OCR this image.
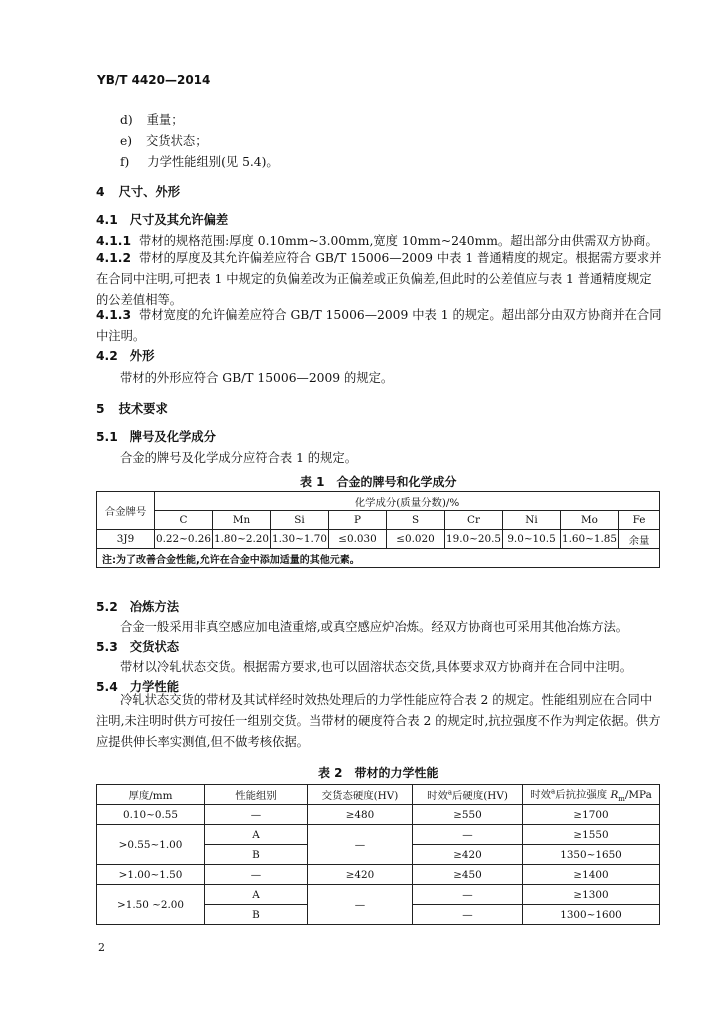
YB/T 4420—2014
d) 重量；
e) 交货状态；
f) 力学性能组别(见 5.4)。
4 尺寸、外形
4.1 尺寸及其允许偏差
4.1.1 带材的规格范围:厚度 0.10mm~3.00mm,宽度 10mm~240mm。超出部分由供需双方协商。
4.1.2 带材的厚度及其允许偏差应符合 GB/T 15006—2009 中表 1 普通精度的规定。根据需方要求并在合同中注明,可把表 1 中规定的负偏差改为正偏差或正负偏差,但此时的公差值应与表 1 普通精度规定的公差值相等。
4.1.3 带材宽度的允许偏差应符合 GB/T 15006—2009 中表 1 的规定。超出部分由双方协商并在合同中注明。
4.2 外形
带材的外形应符合 GB/T 15006—2009 的规定。
5 技术要求
5.1 牌号及化学成分
合金的牌号及化学成分应符合表 1 的规定。
表 1　合金的牌号和化学成分
合金牌号	化学成分(质量分数)/%								
	C	Mn	Si	P	S	Cr	Ni	Mo	Fe
3J9	0.22~0.26	1.80~2.20	1.30~1.70	≤0.030	≤0.020	19.0~20.5	9.0~10.5	1.60~1.85	余量
注:为了改善合金性能,允许在合金中添加适量的其他元素。									
5.2 冶炼方法
合金一般采用非真空感应加电渣重熔,或真空感应炉冶炼。经双方协商也可采用其他冶炼方法。
5.3 交货状态
带材以冷轧状态交货。根据需方要求,也可以固溶状态交货,具体要求双方协商并在合同中注明。
5.4 力学性能
冷轧状态交货的带材及其试样经时效热处理后的力学性能应符合表 2 的规定。性能组别应在合同中注明,未注明时供方可按任一组别交货。当带材的硬度符合表 2 的规定时,抗拉强度不作为判定依据。供方应提供伸长率实测值,但不做考核依据。
表 2　带材的力学性能
厚度/mm	性能组别	交货态硬度(HV)	时效$^a$后硬度(HV)	时效$^a$后抗拉强度 $R_m$/MPa
0.10~0.55	—	≥480	≥550	≥1700
>0.55~1.00	A	—	—	≥1550
	B		≥420	1350~1650
>1.00~1.50	—	≥420	≥450	≥1400
>1.50 ~2.00	A	—	—	≥1300
	B		—	1300~1600
2
